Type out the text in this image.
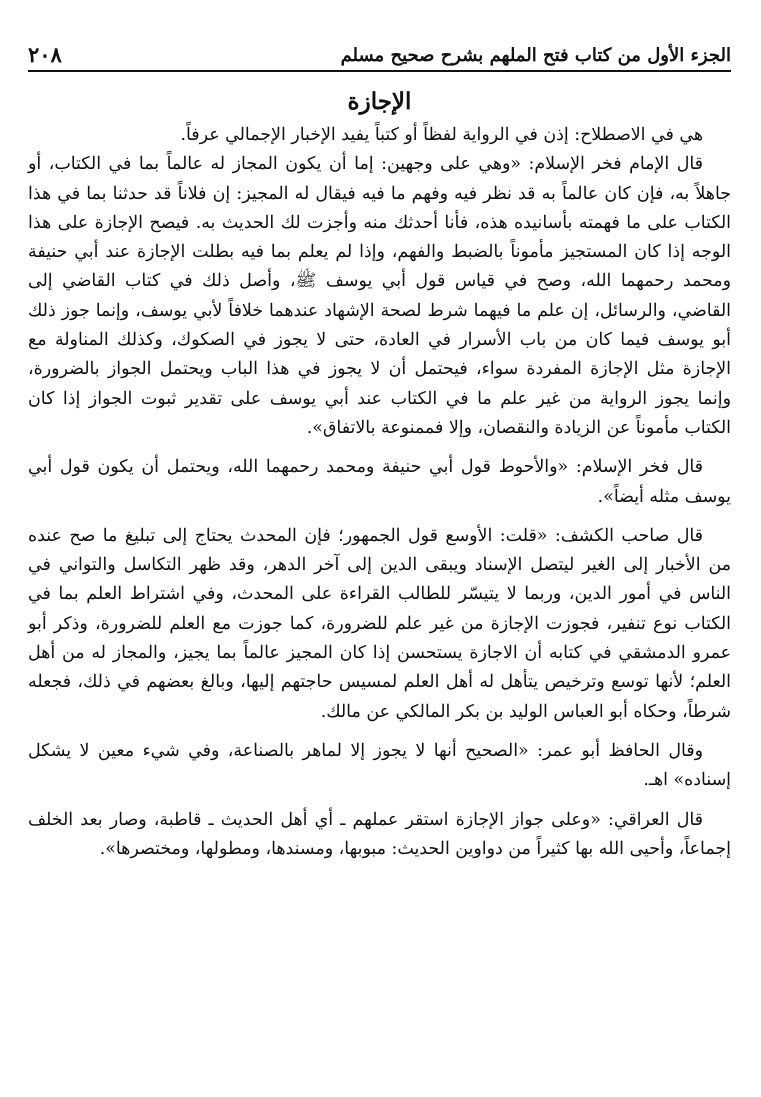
الجزء الأول من كتاب فتح الملهم بشرح صحيح مسلم
٢٠٨
الإجازة

هي في الاصطلاح: إذن في الرواية لفظاً أو كتباً يفيد الإخبار الإجمالي عرفاً.

قال الإمام فخر الإسلام: «وهي على وجهين: إما أن يكون المجاز له عالماً بما في الكتاب، أو جاهلاً به، فإن كان عالماً به قد نظر فيه وفهم ما فيه فيقال له المجيز: إن فلاناً قد حدثنا بما في هذا الكتاب على ما فهمته بأسانيده هذه، فأنا أحدثك منه وأجزت لك الحديث به. فيصح الإجازة على هذا الوجه إذا كان المستجيز مأموناً بالضبط والفهم، وإذا لم يعلم بما فيه بطلت الإجازة عند أبي حنيفة ومحمد رحمهما الله، وصح في قياس قول أبي يوسف ﷺ، وأصل ذلك في كتاب القاضي إلى القاضي، والرسائل، إن علم ما فيهما شرط لصحة الإشهاد عندهما خلافاً لأبي يوسف، وإنما جوز ذلك أبو يوسف فيما كان من باب الأسرار في العادة، حتى لا يجوز في الصكوك، وكذلك المناولة مع الإجازة مثل الإجازة المفردة سواء، فيحتمل أن لا يجوز في هذا الباب ويحتمل الجواز بالضرورة، وإنما يجوز الرواية من غير علم ما في الكتاب عند أبي يوسف على تقدير ثبوت الجواز إذا كان الكتاب مأموناً عن الزيادة والنقصان، وإلا فممنوعة بالاتفاق».

قال فخر الإسلام: «والأحوط قول أبي حنيفة ومحمد رحمهما الله، ويحتمل أن يكون قول أبي يوسف مثله أيضاً».

قال صاحب الكشف: «قلت: الأوسع قول الجمهور؛ فإن المحدث يحتاج إلى تبليغ ما صح عنده من الأخبار إلى الغير ليتصل الإسناد ويبقى الدين إلى آخر الدهر، وقد ظهر التكاسل والتواني في الناس في أمور الدين، وربما لا يتيسّر للطالب القراءة على المحدث، وفي اشتراط العلم بما في الكتاب نوع تنفير، فجوزت الإجازة من غير علم للضرورة، كما جوزت مع العلم للضرورة، وذكر أبو عمرو الدمشقي في كتابه أن الاجازة يستحسن إذا كان المجيز عالماً بما يجيز، والمجاز له من أهل العلم؛ لأنها توسع وترخيص يتأهل له أهل العلم لمسيس حاجتهم إليها، وبالغ بعضهم في ذلك، فجعله شرطاً، وحكاه أبو العباس الوليد بن بكر المالكي عن مالك.

وقال الحافظ أبو عمر: «الصحيح أنها لا يجوز إلا لماهر بالصناعة، وفي شيء معين لا يشكل إسناده» اهـ.

قال العراقي: «وعلى جواز الإجازة استقر عملهم ـ أي أهل الحديث ـ قاطبة، وصار بعد الخلف إجماعاً، وأحيى الله بها كثيراً من دواوين الحديث: مبوبها، ومسندها، ومطولها، ومختصرها».
